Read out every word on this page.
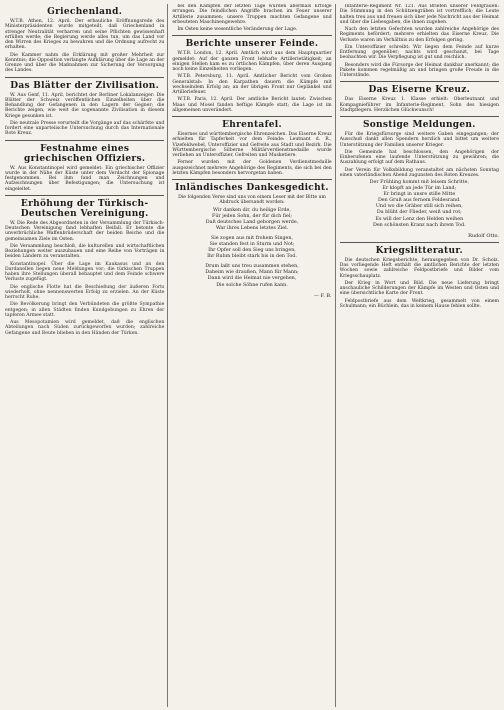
Griechenland.

W.T.B. Athen, 12. April. Der erbauliche Eröffnungsrede des Ministerpräsidenten wurde mitgeteilt, daß Griechenland in strenger Neutralität verharren und seine Pflichten gewissenhaft erfüllen werde; die Regierung werde alles tun, um das Land vor den Wirren des Krieges zu bewahren und die Ordnung aufrecht zu erhalten.

Die Kammer nahm die Erklärung mit großer Mehrheit zur Kenntnis; die Opposition verlangte Aufklärung über die Lage an der Grenze und über die Maßnahmen zur Sicherung der Versorgung des Landes.

Das Blätter der Zivilisation.

W. Aus Genf, 11. April, berichtet der Berliner Lokalanzeiger: Die Blätter der Schweiz veröffentlichen Einzelheiten über die Behandlung der Gefangenen in den Lagern der Gegner; die Berichte zeigen, wie weit die sogenannte Zivilisation in diesem Kriege gesunken ist.

Die neutrale Presse verurteilt die Vorgänge auf das schärfste und fordert eine unparteiische Untersuchung durch das Internationale Rote Kreuz.

Festnahme eines griechischen Offiziers.

W. Aus Konstantinopel wird gemeldet: Ein griechischer Offizier wurde in der Nähe der Küste unter dem Verdacht der Spionage festgenommen. Bei ihm fand man Zeichnungen und Aufzeichnungen über Befestigungen; die Untersuchung ist eingeleitet.

Erhöhung der Türkisch-Deutschen Vereinigung.

W. Die Rede des Abgeordneten in der Versammlung der Türkisch-Deutschen Vereinigung fand lebhaften Beifall. Er betonte die unverbrüchliche Waffenbrüderschaft der beiden Reiche und die gemeinsamen Ziele im Osten.

Die Versammlung beschloß, die kulturellen und wirtschaftlichen Beziehungen weiter auszubauen und eine Reihe von Vorträgen in beiden Ländern zu veranstalten.

Konstantinopel. Über die Lage im Kaukasus und an den Dardanellen liegen neue Meldungen vor; die türkischen Truppen haben ihre Stellungen überall behauptet und dem Feinde schwere Verluste zugefügt.

Die englische Flotte hat die Beschießung der äußeren Forts wiederholt, ohne nennenswerten Erfolg zu erzielen. An der Küste herrscht Ruhe.

Die Bevölkerung bringt den Verbündeten die größte Sympathie entgegen; in allen Städten finden Kundgebungen zu Ehren der tapferen Armee statt.

Aus Mesopotamien wird gemeldet, daß die englischen Abteilungen nach Süden zurückgeworfen wurden; zahlreiche Gefangene und Beute blieben in den Händen der Türken.

bei den Kämpfen der letzten Tage wurden abermals Erfolge errungen. Die feindlichen Angriffe brachen im Feuer unserer Artillerie zusammen; unsere Truppen machten Gefangene und erbeuteten Maschinengewehre.

Im Osten keine wesentliche Veränderung der Lage.

Berichte unserer Feinde.

W.T.B. London, 12. April. Amtlich wird aus dem Hauptquartier gemeldet: Auf der ganzen Front lebhafte Artillerietätigkeit; an einigen Stellen kam es zu örtlichen Kämpfen, über deren Ausgang noch keine Einzelheiten vorliegen.

W.T.B. Petersburg, 11. April. Amtlicher Bericht vom Großen Generalstab: In den Karpathen dauern die Kämpfe mit wechselndem Erfolg an; an der übrigen Front nur Geplänkel und Artilleriefeuer.

W.T.B. Paris, 12. April. Der amtliche Bericht lautet: Zwischen Maas und Mosel fanden heftige Kämpfe statt; die Lage ist im allgemeinen unverändert.

Ehrentafel.

Eisernes und württembergische Ehrenzeichen. Das Eiserne Kreuz erhielten für Tapferkeit vor dem Feinde: Leutnant d. R., Vizefeldwebel, Unteroffizier und Gefreite aus Stadt und Bezirk. Die Württembergische Silberne Militärverdienstmedaille wurde verliehen an Unteroffizier, Gefreiten und Musketiere.

Ferner wurden mit der Goldenen Verdienstmedaille ausgezeichnet mehrere Angehörige des Regiments, die sich bei den letzten Kämpfen besonders hervorgetan haben.

Inländisches Dankesgedicht.

Die folgenden Verse sind uns von einem Leser mit der Bitte um Abdruck übersandt worden:

Wir danken dir, du heilige Erde,
Für jeden Sohn, der für dich fiel;
Daß deutsches Land geborgen werde,
War ihres Lebens letztes Ziel.
Sie zogen aus mit frohem Singen,
Sie standen fest in Sturm und Not;
Ihr Opfer soll den Sieg uns bringen,
Ihr Ruhm bleibt stark bis in den Tod.
Drum laßt uns treu zusammen stehen,
Daheim wie draußen, Mann für Mann;
Dann wird die Heimat nie vergehen,
Die solche Söhne rufen kann.
— F. B.

Infanterie-Regiment Nr. 121. Aus Briefen unserer Feldgrauen: Die Stimmung in den Schützengräben ist vortrefflich; die Leute halten treu aus und freuen sich über jede Nachricht aus der Heimat und über die Liebesgaben, die ihnen zugehen.

Nach den letzten Gefechten wurden zahlreiche Angehörige des Regiments befördert; mehrere erhielten das Eiserne Kreuz. Die Verluste waren im Verhältnis zu den Erfolgen gering.

Ein Unteroffizier schreibt: Wir liegen dem Feinde auf kurze Entfernung gegenüber; nachts wird geschanzt, bei Tage beobachten wir. Die Verpflegung ist gut und reichlich.

Besonders wird die Fürsorge der Heimat dankbar anerkannt; die Pakete kommen regelmäßig an und bringen große Freude in die Unterstände.

Das Eiserne Kreuz.

Das Eiserne Kreuz 1. Klasse erhielt: Oberleutnant und Kompagnieführer im Infanterie-Regiment, Sohn des hiesigen Stadtpflegers. Herzlichen Glückwunsch!

Sonstige Meldungen.

Für die Kriegsfürsorge sind weitere Gaben eingegangen; der Ausschuß dankt allen Spendern herzlich und bittet um weitere Unterstützung der Familien unserer Krieger.

Die Gemeinde hat beschlossen, den Angehörigen der Einberufenen eine laufende Unterstützung zu gewähren; die Auszahlung erfolgt auf dem Rathaus.

Der Verein für Volksbildung veranstaltet am nächsten Sonntag einen vaterländischen Abend zugunsten des Roten Kreuzes.

Der Frühling kommt mit leisem Schritte,
Er klopft an jede Tür im Land;
Er bringt in unsre stille Mitte
Den Gruß aus fernem Feldesrand.
Und wo die Gräber still sich reihen,
Da blüht der Flieder, weiß und rot;
Es will der Lenz den Helden weihen
Den schönsten Kranz nach ihrem Tod.
Rudolf Otto.
Kriegslitteratur.

Die deutschen Kriegsberichte, herausgegeben von Dr. Scholz. Das vorliegende Heft enthält die amtlichen Berichte der letzten Wochen sowie zahlreiche Feldpostbriefe und Bilder vom Kriegsschauplatz.

Der Krieg in Wort und Bild. Die neue Lieferung bringt anschauliche Schilderungen der Kämpfe im Westen und Osten und eine übersichtliche Karte der Front.

Feldpostbriefe aus dem Weltkrieg, gesammelt von einem Schulmann; ein Büchlein, das in keinem Hause fehlen sollte.
